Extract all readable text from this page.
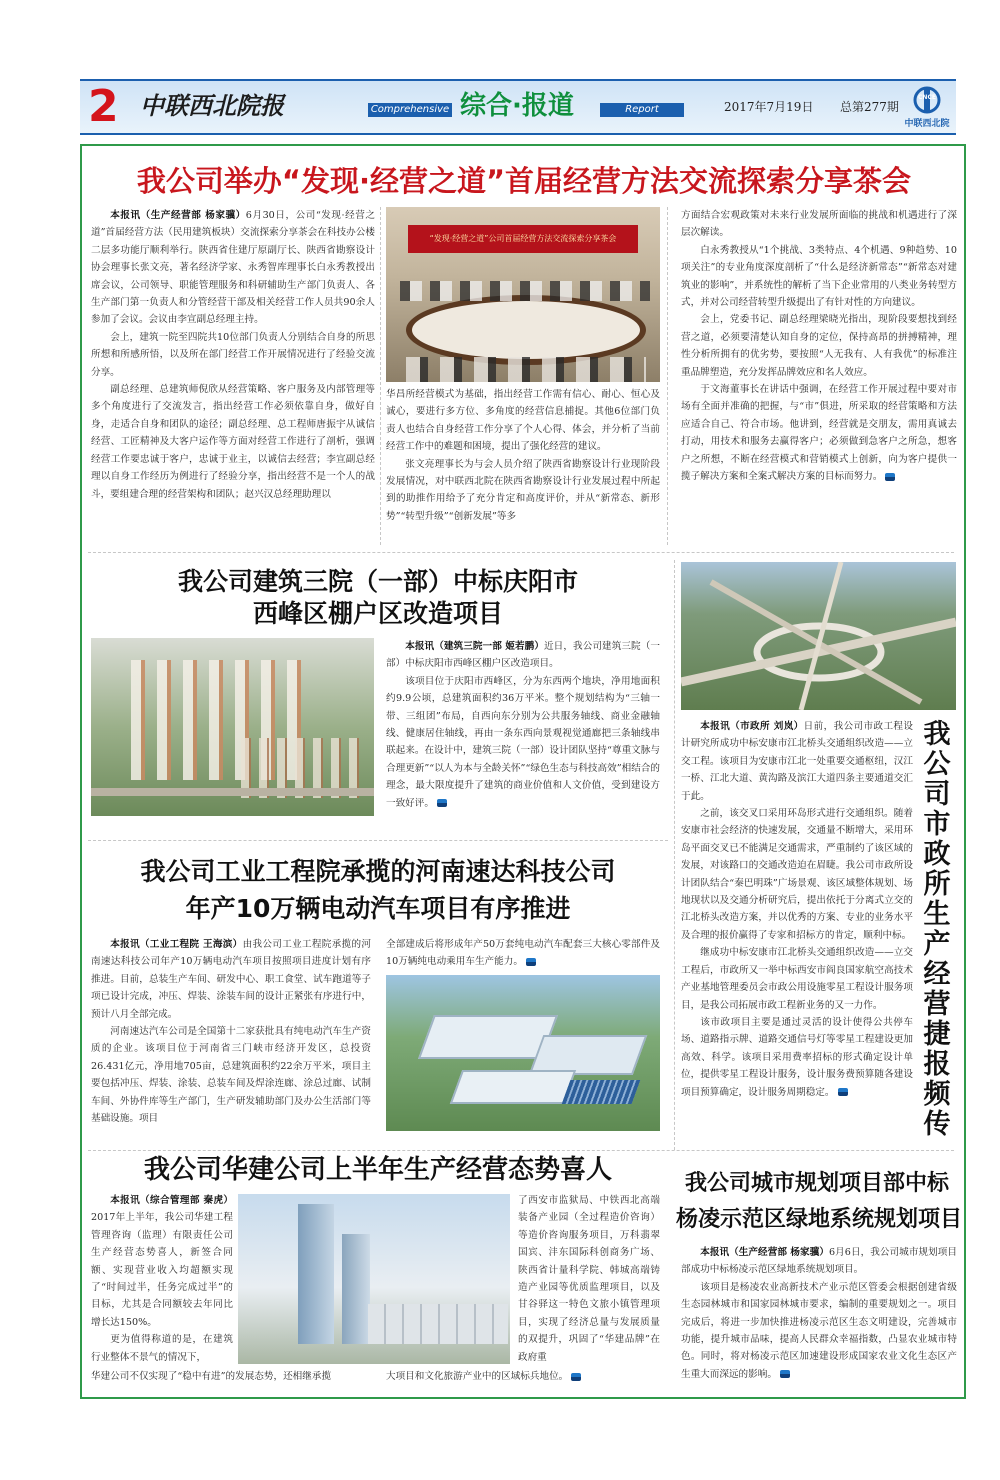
2 中联西北院报	Comprehensive 综合·报道	Report	2017年7月19日 总第277期
CNCE
中联西北院
我公司举办“发现·经营之道”首届经营方法交流探索分享茶会

本报讯（生产经营部 杨家骥）6月30日，公司“发现·经营之道”首届经营方法（民用建筑板块）交流探索分享茶会在科技办公楼二层多功能厅顺利举行。陕西省住建厅原副厅长、陕西省勘察设计协会理事长张文亮，著名经济学家、永秀智库理事长白永秀教授出席会议，公司领导、职能管理服务和科研辅助生产部门负责人、各生产部门第一负责人和分管经营干部及相关经营工作人员共90余人参加了会议。会议由李宣副总经理主持。

会上，建筑一院至四院共10位部门负责人分别结合自身的所思所想和所感所悟，以及所在部门经营工作开展情况进行了经验交流分享。

副总经理、总建筑师倪欣从经营策略、客户服务及内部管理等多个角度进行了交流发言，指出经营工作必须依靠自身，做好自身，走适合自身和团队的途径；副总经理、总工程师唐振宇从诚信经营、工匠精神及大客户运作等方面对经营工作进行了剖析，强调经营工作要忠诚于客户，忠诚于业主，以诚信去经营；李宣副总经理以自身工作经历为例进行了经验分享，指出经营不是一个人的战斗，要组建合理的经营架构和团队；赵兴汉总经理助理以

“发现·经营之道”公司首届经营方法交流探索分享茶会

华昌所经营模式为基础，指出经营工作需有信心、耐心、恒心及诚心，要进行多方位、多角度的经营信息捕捉。其他6位部门负责人也结合自身经营工作分享了个人心得、体会，并分析了当前经营工作中的难题和困境，提出了强化经营的建议。

张文亮理事长为与会人员介绍了陕西省勘察设计行业现阶段发展情况，对中联西北院在陕西省勘察设计行业发展过程中所起到的助推作用给予了充分肯定和高度评价，并从“新常态、新形势”“转型升级”“创新发展”等多

方面结合宏观政策对未来行业发展所面临的挑战和机遇进行了深层次解读。

白永秀教授从“1个挑战、3类特点、4个机遇、9种趋势、10项关注”的专业角度深度剖析了“什么是经济新常态”“新常态对建筑业的影响”，并系统性的解析了当下企业常用的八类业务转型方式，并对公司经营转型升级提出了有针对性的方向建议。

会上，党委书记、副总经理梁晓光指出，现阶段要想找到经营之道，必须要清楚认知自身的定位，保持高昂的拼搏精神，理性分析所拥有的优劣势，要按照“人无我有、人有我优”的标准注重品牌塑造，充分发挥品牌效应和名人效应。

于文海董事长在讲话中强调，在经营工作开展过程中要对市场有全面并准确的把握，与“市”俱进，所采取的经营策略和方法应适合自己、符合市场。他讲到，经营就是交朋友，需用真诚去打动，用技术和服务去赢得客户；必须做到急客户之所急，想客户之所想，不断在经营模式和营销模式上创新，向为客户提供一揽子解决方案和全案式解决方案的目标而努力。

我公司建筑三院（一部）中标庆阳市
西峰区棚户区改造项目

本报讯（建筑三院一部 姬若鹏）近日，我公司建筑三院（一部）中标庆阳市西峰区棚户区改造项目。

该项目位于庆阳市西峰区，分为东西两个地块，净用地面积约9.9公顷，总建筑面积约36万平米。整个规划结构为“三轴一带、三组团”布局，自西向东分别为公共服务轴线、商业金融轴线、健康居住轴线，再由一条东西向景观视觉通廊把三条轴线串联起来。在设计中，建筑三院（一部）设计团队坚持“尊重文脉与合理更新”“以人为本与全龄关怀”“绿色生态与科技高效”相结合的理念，最大限度提升了建筑的商业价值和人文价值，受到建设方一致好评。

本报讯（市政所 刘岚）日前，我公司市政工程设计研究所成功中标安康市江北桥头交通组织改造——立交工程。该项目为安康市江北一处重要交通枢纽，汉江一桥、江北大道、黄沟路及滨江大道四条主要通道交汇于此。

之前，该交叉口采用环岛形式进行交通组织。随着安康市社会经济的快速发展，交通量不断增大，采用环岛平面交叉已不能满足交通需求，严重制约了该区域的发展，对该路口的交通改造迫在眉睫。我公司市政所设计团队结合“秦巴明珠”广场景观、该区域整体规划、场地现状以及交通分析研究后，提出依托于分离式立交的江北桥头改造方案，并以优秀的方案、专业的业务水平及合理的报价赢得了专家和招标方的肯定，顺利中标。

继成功中标安康市江北桥头交通组织改造——立交工程后，市政所又一举中标西安市阎良国家航空高技术产业基地管理委员会市政公用设施零星工程设计服务项目，是我公司拓展市政工程新业务的又一力作。

该市政项目主要是通过灵活的设计使得公共停车场、道路指示牌、道路交通信号灯等零星工程建设更加高效、科学。该项目采用费率招标的形式确定设计单位，提供零星工程设计服务，设计服务费预算随各建设项目预算确定，设计服务周期稳定。

我
公
司
市
政
所
生
产
经
营
捷
报
频
传
我公司工业工程院承揽的河南速达科技公司
年产10万辆电动汽车项目有序推进

本报讯（工业工程院 王海滨）由我公司工业工程院承揽的河南速达科技公司年产10万辆电动汽车项目按照项目进度计划有序推进。目前，总装生产车间、研发中心、职工食堂、试车跑道等子项已设计完成，冲压、焊装、涂装车间的设计正紧张有序进行中，预计八月全部完成。

河南速达汽车公司是全国第十二家获批具有纯电动汽车生产资质的企业。该项目位于河南省三门峡市经济开发区，总投资26.431亿元，净用地705亩，总建筑面积约22余万平米，项目主要包括冲压、焊装、涂装、总装车间及焊涂连廊、涂总过廊、试制车间、外协件库等生产部门，生产研发辅助部门及办公生活部门等基础设施。项目

全部建成后将形成年产50万套纯电动汽车配套三大核心零部件及10万辆纯电动乘用车生产能力。

我公司华建公司上半年生产经营态势喜人

本报讯（综合管理部 秦虎）2017年上半年，我公司华建工程管理咨询（监理）有限责任公司生产经营态势喜人，新签合同额、实现营业收入均超额实现了“时间过半，任务完成过半”的目标，尤其是合同额较去年同比增长达150%。

更为值得称道的是，在建筑行业整体不景气的情况下，

华建公司不仅实现了“稳中有进”的发展态势，还相继承揽
了西安市监狱局、中铁西北高端装备产业园（全过程造价咨询）等造价咨询服务项目，万科翡翠国宾、沣东国际科创商务广场、陕西省计量科学院、韩城高端铸造产业园等优质监理项目，以及甘谷驿这一特色文旅小镇管理项目，实现了经济总量与发展质量的双提升，巩固了“华建品牌”在政府重
大项目和文化旅游产业中的区域标兵地位。
我公司城市规划项目部中标
杨凌示范区绿地系统规划项目

本报讯（生产经营部 杨家骥）6月6日，我公司城市规划项目部成功中标杨凌示范区绿地系统规划项目。

该项目是杨凌农业高新技术产业示范区管委会根据创建省级生态园林城市和国家园林城市要求，编制的重要规划之一。项目完成后，将进一步加快推进杨凌示范区生态文明建设，完善城市功能，提升城市品味，提高人民群众幸福指数，凸显农业城市特色。同时，将对杨凌示范区加速建设形成国家农业文化生态区产生重大而深远的影响。
